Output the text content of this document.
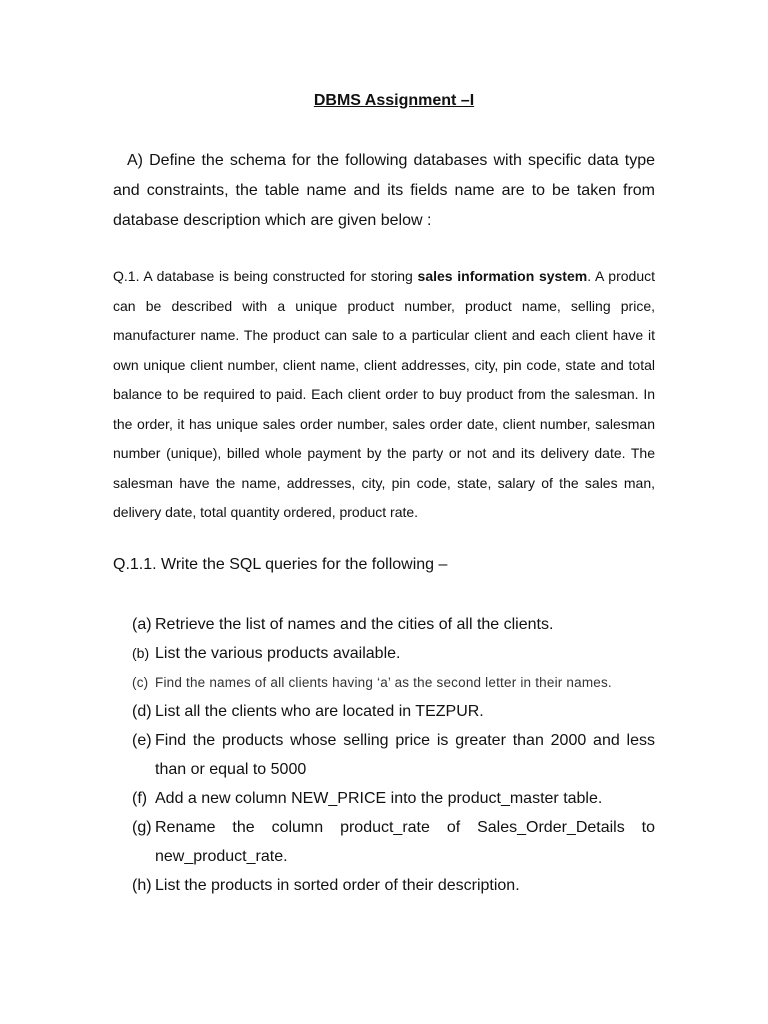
DBMS Assignment –I

A) Define the schema for the following databases with specific data type and constraints, the table name and its fields name are to be taken from database description which are given below :

Q.1. A database is being constructed for storing sales information system. A product can be described with a unique product number, product name, selling price, manufacturer name. The product can sale to a particular client and each client have it own unique client number, client name, client addresses, city, pin code, state and total balance to be required to paid. Each client order to buy product from the salesman. In the order, it has unique sales order number, sales order date, client number, salesman number (unique), billed whole payment by the party or not and its delivery date. The salesman have the name, addresses, city, pin code, state, salary of the sales man, delivery date, total quantity ordered, product rate.

Q.1.1. Write the SQL queries for the following –
(a) Retrieve the list of names and the cities of all the clients.
(b) List the various products available.
(c) Find the names of all clients having ‘a’ as the second letter in their names.
(d) List all the clients who are located in TEZPUR.
(e) Find the products whose selling price is greater than 2000 and less than or equal to 5000
(f) Add a new column NEW_PRICE into the product_master table.
(g) Rename the column product_rate of Sales_Order_Details to new_product_rate.
(h) List the products in sorted order of their description.
